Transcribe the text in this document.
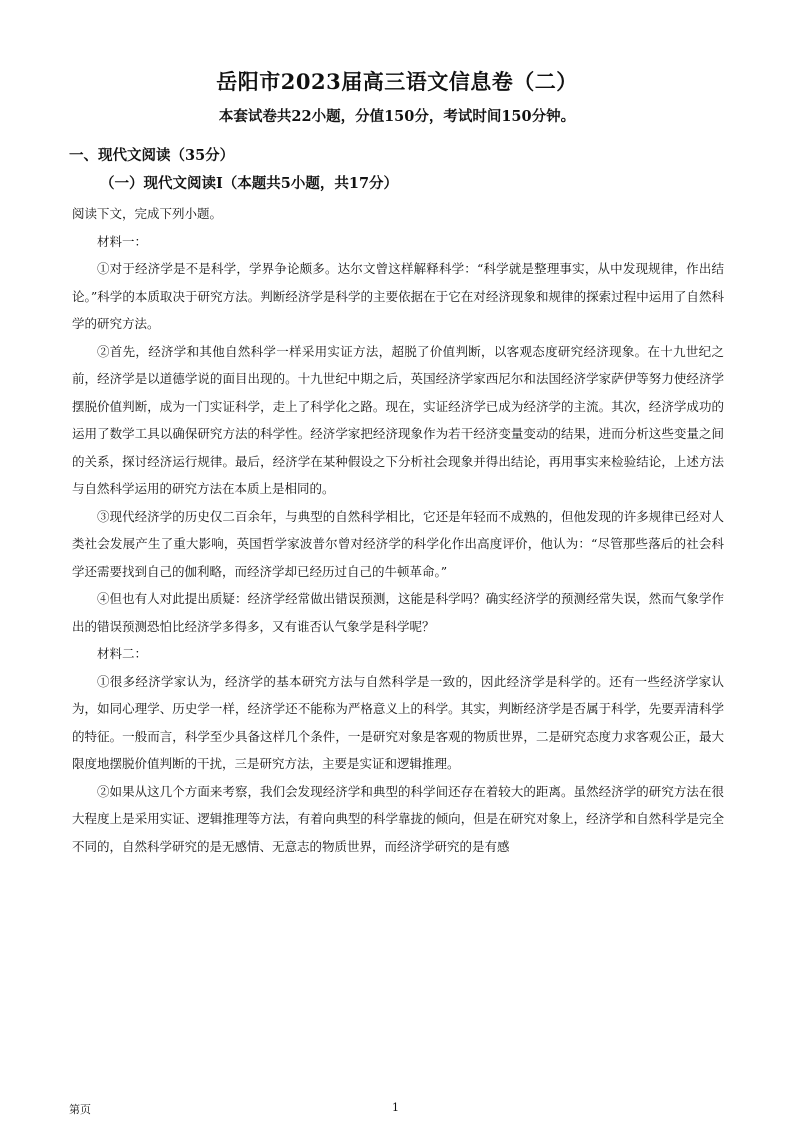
岳阳市2023届高三语文信息卷（二）
本套试卷共22小题，分值150分，考试时间150分钟。
一、现代文阅读（35分）
（一）现代文阅读Ⅰ（本题共5小题，共17分）

阅读下文，完成下列小题。

材料一：

①对于经济学是不是科学，学界争论颇多。达尔文曾这样解释科学：“科学就是整理事实，从中发现规律，作出结论。”科学的本质取决于研究方法。判断经济学是科学的主要依据在于它在对经济现象和规律的探索过程中运用了自然科学的研究方法。

②首先，经济学和其他自然科学一样采用实证方法，超脱了价值判断，以客观态度研究经济现象。在十九世纪之前，经济学是以道德学说的面目出现的。十九世纪中期之后，英国经济学家西尼尔和法国经济学家萨伊等努力使经济学摆脱价值判断，成为一门实证科学，走上了科学化之路。现在，实证经济学已成为经济学的主流。其次，经济学成功的运用了数学工具以确保研究方法的科学性。经济学家把经济现象作为若干经济变量变动的结果，进而分析这些变量之间的关系，探讨经济运行规律。最后，经济学在某种假设之下分析社会现象并得出结论，再用事实来检验结论，上述方法与自然科学运用的研究方法在本质上是相同的。

③现代经济学的历史仅二百余年，与典型的自然科学相比，它还是年轻而不成熟的，但他发现的许多规律已经对人类社会发展产生了重大影响，英国哲学家波普尔曾对经济学的科学化作出高度评价，他认为：“尽管那些落后的社会科学还需要找到自己的伽利略，而经济学却已经历过自己的牛顿革命。”

④但也有人对此提出质疑：经济学经常做出错误预测，这能是科学吗？确实经济学的预测经常失误，然而气象学作出的错误预测恐怕比经济学多得多，又有谁否认气象学是科学呢？

材料二：

①很多经济学家认为，经济学的基本研究方法与自然科学是一致的，因此经济学是科学的。还有一些经济学家认为，如同心理学、历史学一样，经济学还不能称为严格意义上的科学。其实，判断经济学是否属于科学，先要弄清科学的特征。一般而言，科学至少具备这样几个条件，一是研究对象是客观的物质世界，二是研究态度力求客观公正，最大限度地摆脱价值判断的干扰，三是研究方法，主要是实证和逻辑推理。

②如果从这几个方面来考察，我们会发现经济学和典型的科学间还存在着较大的距离。虽然经济学的研究方法在很大程度上是采用实证、逻辑推理等方法，有着向典型的科学靠拢的倾向，但是在研究对象上，经济学和自然科学是完全不同的，自然科学研究的是无感情、无意志的物质世界，而经济学研究的是有感

第页	1
